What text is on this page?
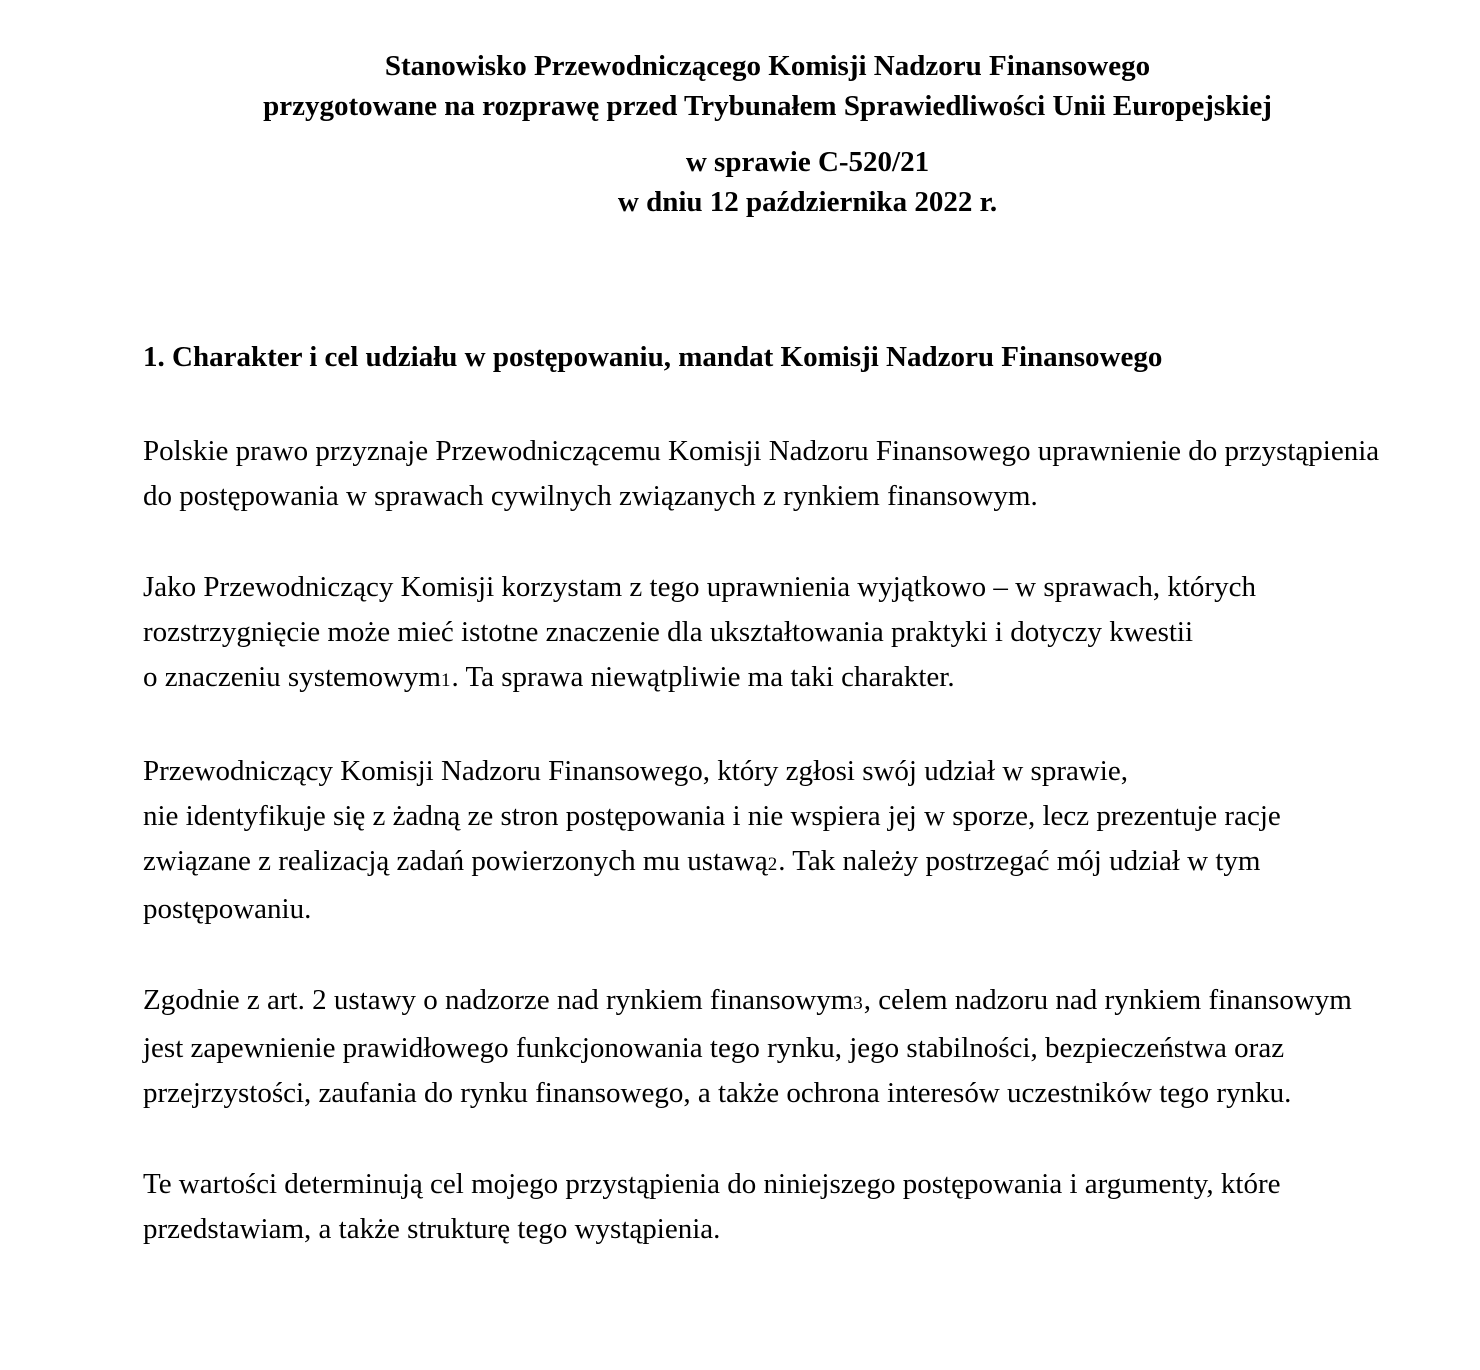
Stanowisko Przewodniczącego Komisji Nadzoru Finansowego
przygotowane na rozprawę przed Trybunałem Sprawiedliwości Unii Europejskiej
w sprawie C-520/21
w dniu 12 października 2022 r.
1. Charakter i cel udziału w postępowaniu, mandat Komisji Nadzoru Finansowego

Polskie prawo przyznaje Przewodniczącemu Komisji Nadzoru Finansowego uprawnienie do przystąpienia do postępowania w sprawach cywilnych związanych z rynkiem finansowym.

Jako Przewodniczący Komisji korzystam z tego uprawnienia wyjątkowo – w sprawach, których rozstrzygnięcie może mieć istotne znaczenie dla ukształtowania praktyki i dotyczy kwestii
o znaczeniu systemowym1. Ta sprawa niewątpliwie ma taki charakter.

Przewodniczący Komisji Nadzoru Finansowego, który zgłosi swój udział w sprawie,
nie identyfikuje się z żadną ze stron postępowania i nie wspiera jej w sporze, lecz prezentuje racje związane z realizacją zadań powierzonych mu ustawą2. Tak należy postrzegać mój udział w tym postępowaniu.

Zgodnie z art. 2 ustawy o nadzorze nad rynkiem finansowym3, celem nadzoru nad rynkiem finansowym jest zapewnienie prawidłowego funkcjonowania tego rynku, jego stabilności, bezpieczeństwa oraz przejrzystości, zaufania do rynku finansowego, a także ochrona interesów uczestników tego rynku.

Te wartości determinują cel mojego przystąpienia do niniejszego postępowania i argumenty, które przedstawiam, a także strukturę tego wystąpienia.
